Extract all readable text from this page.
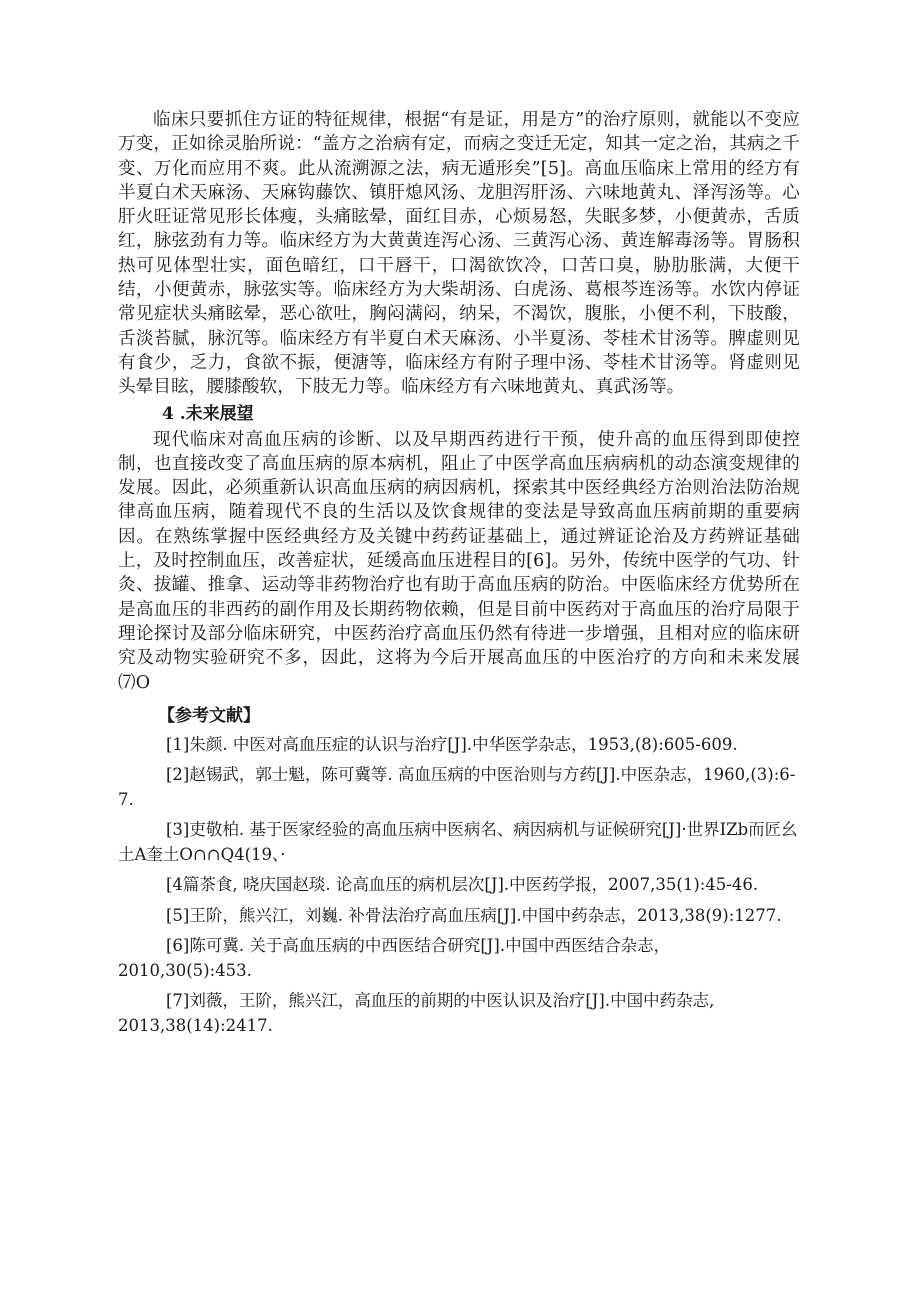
临床只要抓住方证的特征规律，根据“有是证，用是方”的治疗原则，就能以不变应万变，正如徐灵胎所说：“盖方之治病有定，而病之变迁无定，知其一定之治，其病之千变、万化而应用不爽。此从流溯源之法，病无遁形矣”[5]。高血压临床上常用的经方有半夏白术天麻汤、天麻钩藤饮、镇肝熄风汤、龙胆泻肝汤、六味地黄丸、泽泻汤等。心肝火旺证常见形长体瘦，头痛眩晕，面红目赤，心烦易怒，失眠多梦，小便黄赤，舌质红，脉弦劲有力等。临床经方为大黄黄连泻心汤、三黄泻心汤、黄连解毒汤等。胃肠积热可见体型壮实，面色暗红，口干唇干，口渴欲饮冷，口苦口臭，胁肋胀满，大便干结，小便黄赤，脉弦实等。临床经方为大柴胡汤、白虎汤、葛根芩连汤等。水饮内停证常见症状头痛眩晕，恶心欲吐，胸闷满闷，纳呆，不渴饮，腹胀，小便不利，下肢酸，舌淡苔腻，脉沉等。临床经方有半夏白术天麻汤、小半夏汤、苓桂术甘汤等。脾虚则见有食少，乏力，食欲不振，便溏等，临床经方有附子理中汤、苓桂术甘汤等。肾虚则见头晕目眩，腰膝酸软，下肢无力等。临床经方有六味地黄丸、真武汤等。

4 .未来展望

现代临床对高血压病的诊断、以及早期西药进行干预，使升高的血压得到即使控制，也直接改变了高血压病的原本病机，阻止了中医学高血压病病机的动态演变规律的发展。因此，必须重新认识高血压病的病因病机，探索其中医经典经方治则治法防治规律高血压病，随着现代不良的生活以及饮食规律的变法是导致高血压病前期的重要病因。在熟练掌握中医经典经方及关键中药药证基础上，通过辨证论治及方药辨证基础上，及时控制血压，改善症状，延缓高血压进程目的[6]。另外，传统中医学的气功、针灸、拔罐、推拿、运动等非药物治疗也有助于高血压病的防治。中医临床经方优势所在是高血压的非西药的副作用及长期药物依赖，但是目前中医药对于高血压的治疗局限于理论探讨及部分临床研究，中医药治疗高血压仍然有待进一步增强，且相对应的临床研究及动物实验研究不多，因此，这将为今后开展高血压的中医治疗的方向和未来发展⑺O

【参考文献】

[1]朱颜. 中医对高血压症的认识与治疗[J].中华医学杂志，1953,(8):605-609.

[2]赵锡武，郭士魁，陈可冀等. 高血压病的中医治则与方药[J].中医杂志，1960,(3):6-7.

[3]吏敬柏. 基于医家经验的高血压病中医病名、病因病机与证候研究[J]·世界IZb而匠幺土A奎土O∩∩Q4(19、·

[4篇茶食, 哓庆国赵琰. 论高血压的病机层次[J].中医药学报，2007,35(1):45-46.

[5]王阶，熊兴江，刘巍. 补骨法治疗高血压病[J].中国中药杂志，2013,38(9):1277.

[6]陈可冀. 关于高血压病的中西医结合研究[J].中国中西医结合杂志，2010,30(5):453.

[7]刘薇，王阶，熊兴江，高血压的前期的中医认识及治疗[J].中国中药杂志, 2013,38(14):2417.
